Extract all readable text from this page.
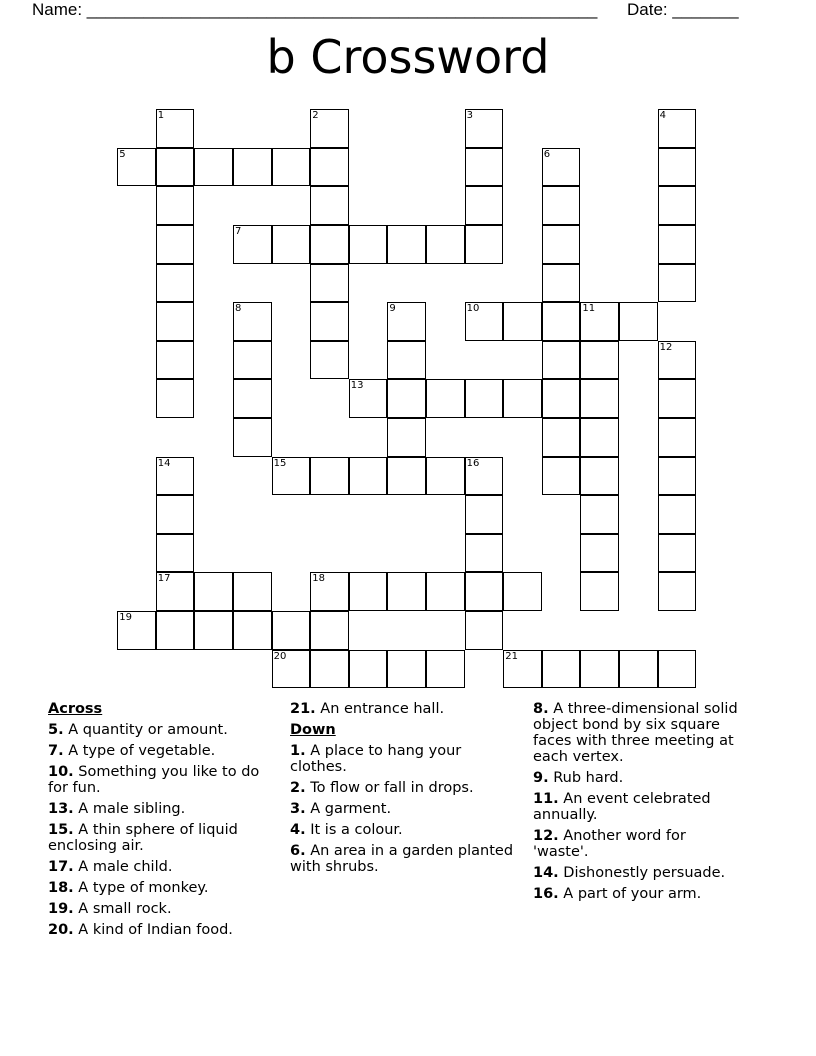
Name: ______________________________________________________ Date: _______
b Crossword
1	2	3	4
5	6
7
8	9	10	11
12
13
14	15	16
17	18
19
20	21
Across
5. A quantity or amount.
7. A type of vegetable.
10. Something you like to do for fun.
13. A male sibling.
15. A thin sphere of liquid enclosing air.
17. A male child.
18. A type of monkey.
19. A small rock.
20. A kind of Indian food.
21. An entrance hall.
Down
1. A place to hang your clothes.
2. To flow or fall in drops.
3. A garment.
4. It is a colour.
6. An area in a garden planted with shrubs.
8. A three-dimensional solid object bond by six square faces with three meeting at each vertex.
9. Rub hard.
11. An event celebrated annually.
12. Another word for 'waste'.
14. Dishonestly persuade.
16. A part of your arm.
